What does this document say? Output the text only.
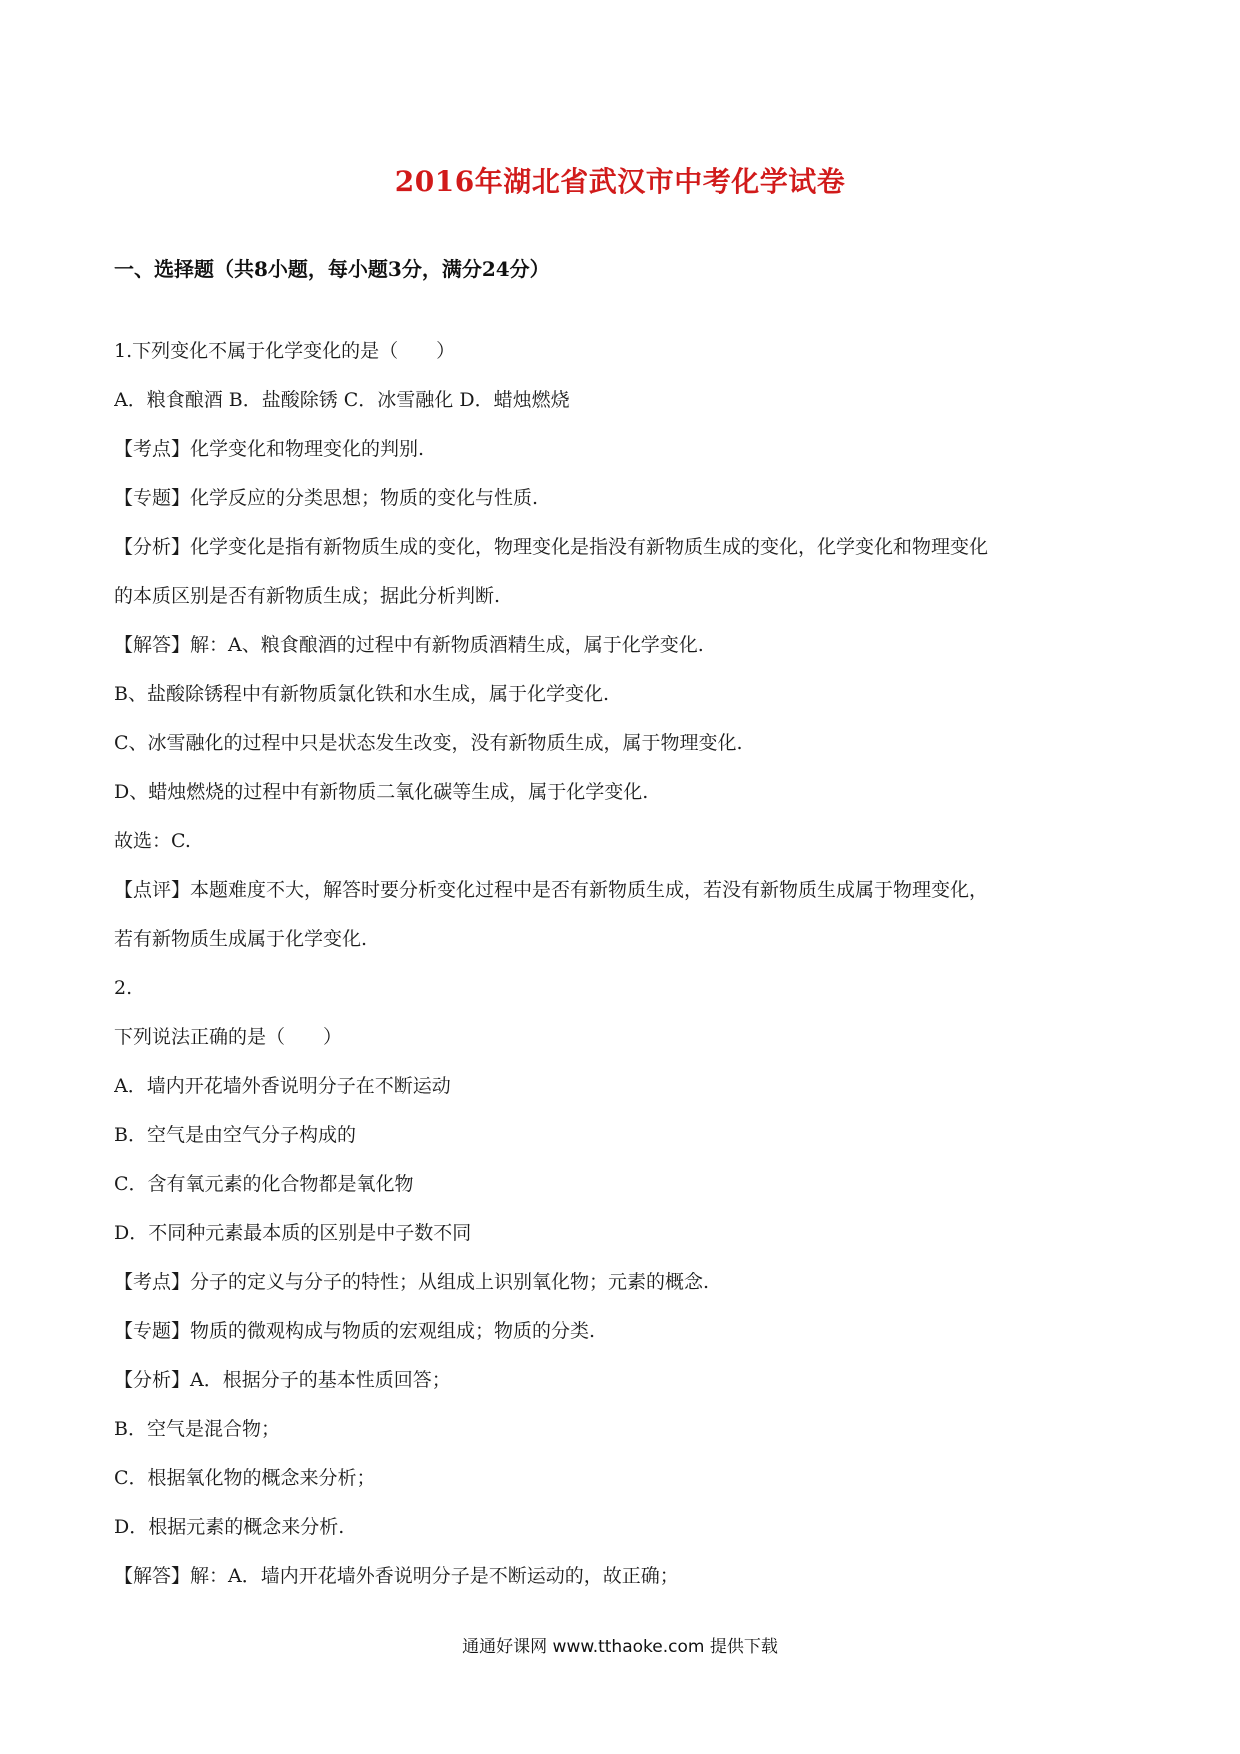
2016年湖北省武汉市中考化学试卷
一、选择题（共8小题，每小题3分，满分24分）
1.下列变化不属于化学变化的是（　　）
A．粮食酿酒 B．盐酸除锈 C．冰雪融化 D．蜡烛燃烧
【考点】化学变化和物理变化的判别.
【专题】化学反应的分类思想；物质的变化与性质.
【分析】化学变化是指有新物质生成的变化，物理变化是指没有新物质生成的变化，化学变化和物理变化
的本质区别是否有新物质生成；据此分析判断.
【解答】解：A、粮食酿酒的过程中有新物质酒精生成，属于化学变化.
B、盐酸除锈程中有新物质氯化铁和水生成，属于化学变化.
C、冰雪融化的过程中只是状态发生改变，没有新物质生成，属于物理变化.
D、蜡烛燃烧的过程中有新物质二氧化碳等生成，属于化学变化.
故选：C.
【点评】本题难度不大，解答时要分析变化过程中是否有新物质生成，若没有新物质生成属于物理变化，
若有新物质生成属于化学变化.
2.
下列说法正确的是（　　）
A．墙内开花墙外香说明分子在不断运动
B．空气是由空气分子构成的
C．含有氧元素的化合物都是氧化物
D．不同种元素最本质的区别是中子数不同
【考点】分子的定义与分子的特性；从组成上识别氧化物；元素的概念.
【专题】物质的微观构成与物质的宏观组成；物质的分类.
【分析】A．根据分子的基本性质回答；
B．空气是混合物；
C．根据氧化物的概念来分析；
D．根据元素的概念来分析.
【解答】解：A．墙内开花墙外香说明分子是不断运动的，故正确；
通通好课网 www.tthaoke.com 提供下载
